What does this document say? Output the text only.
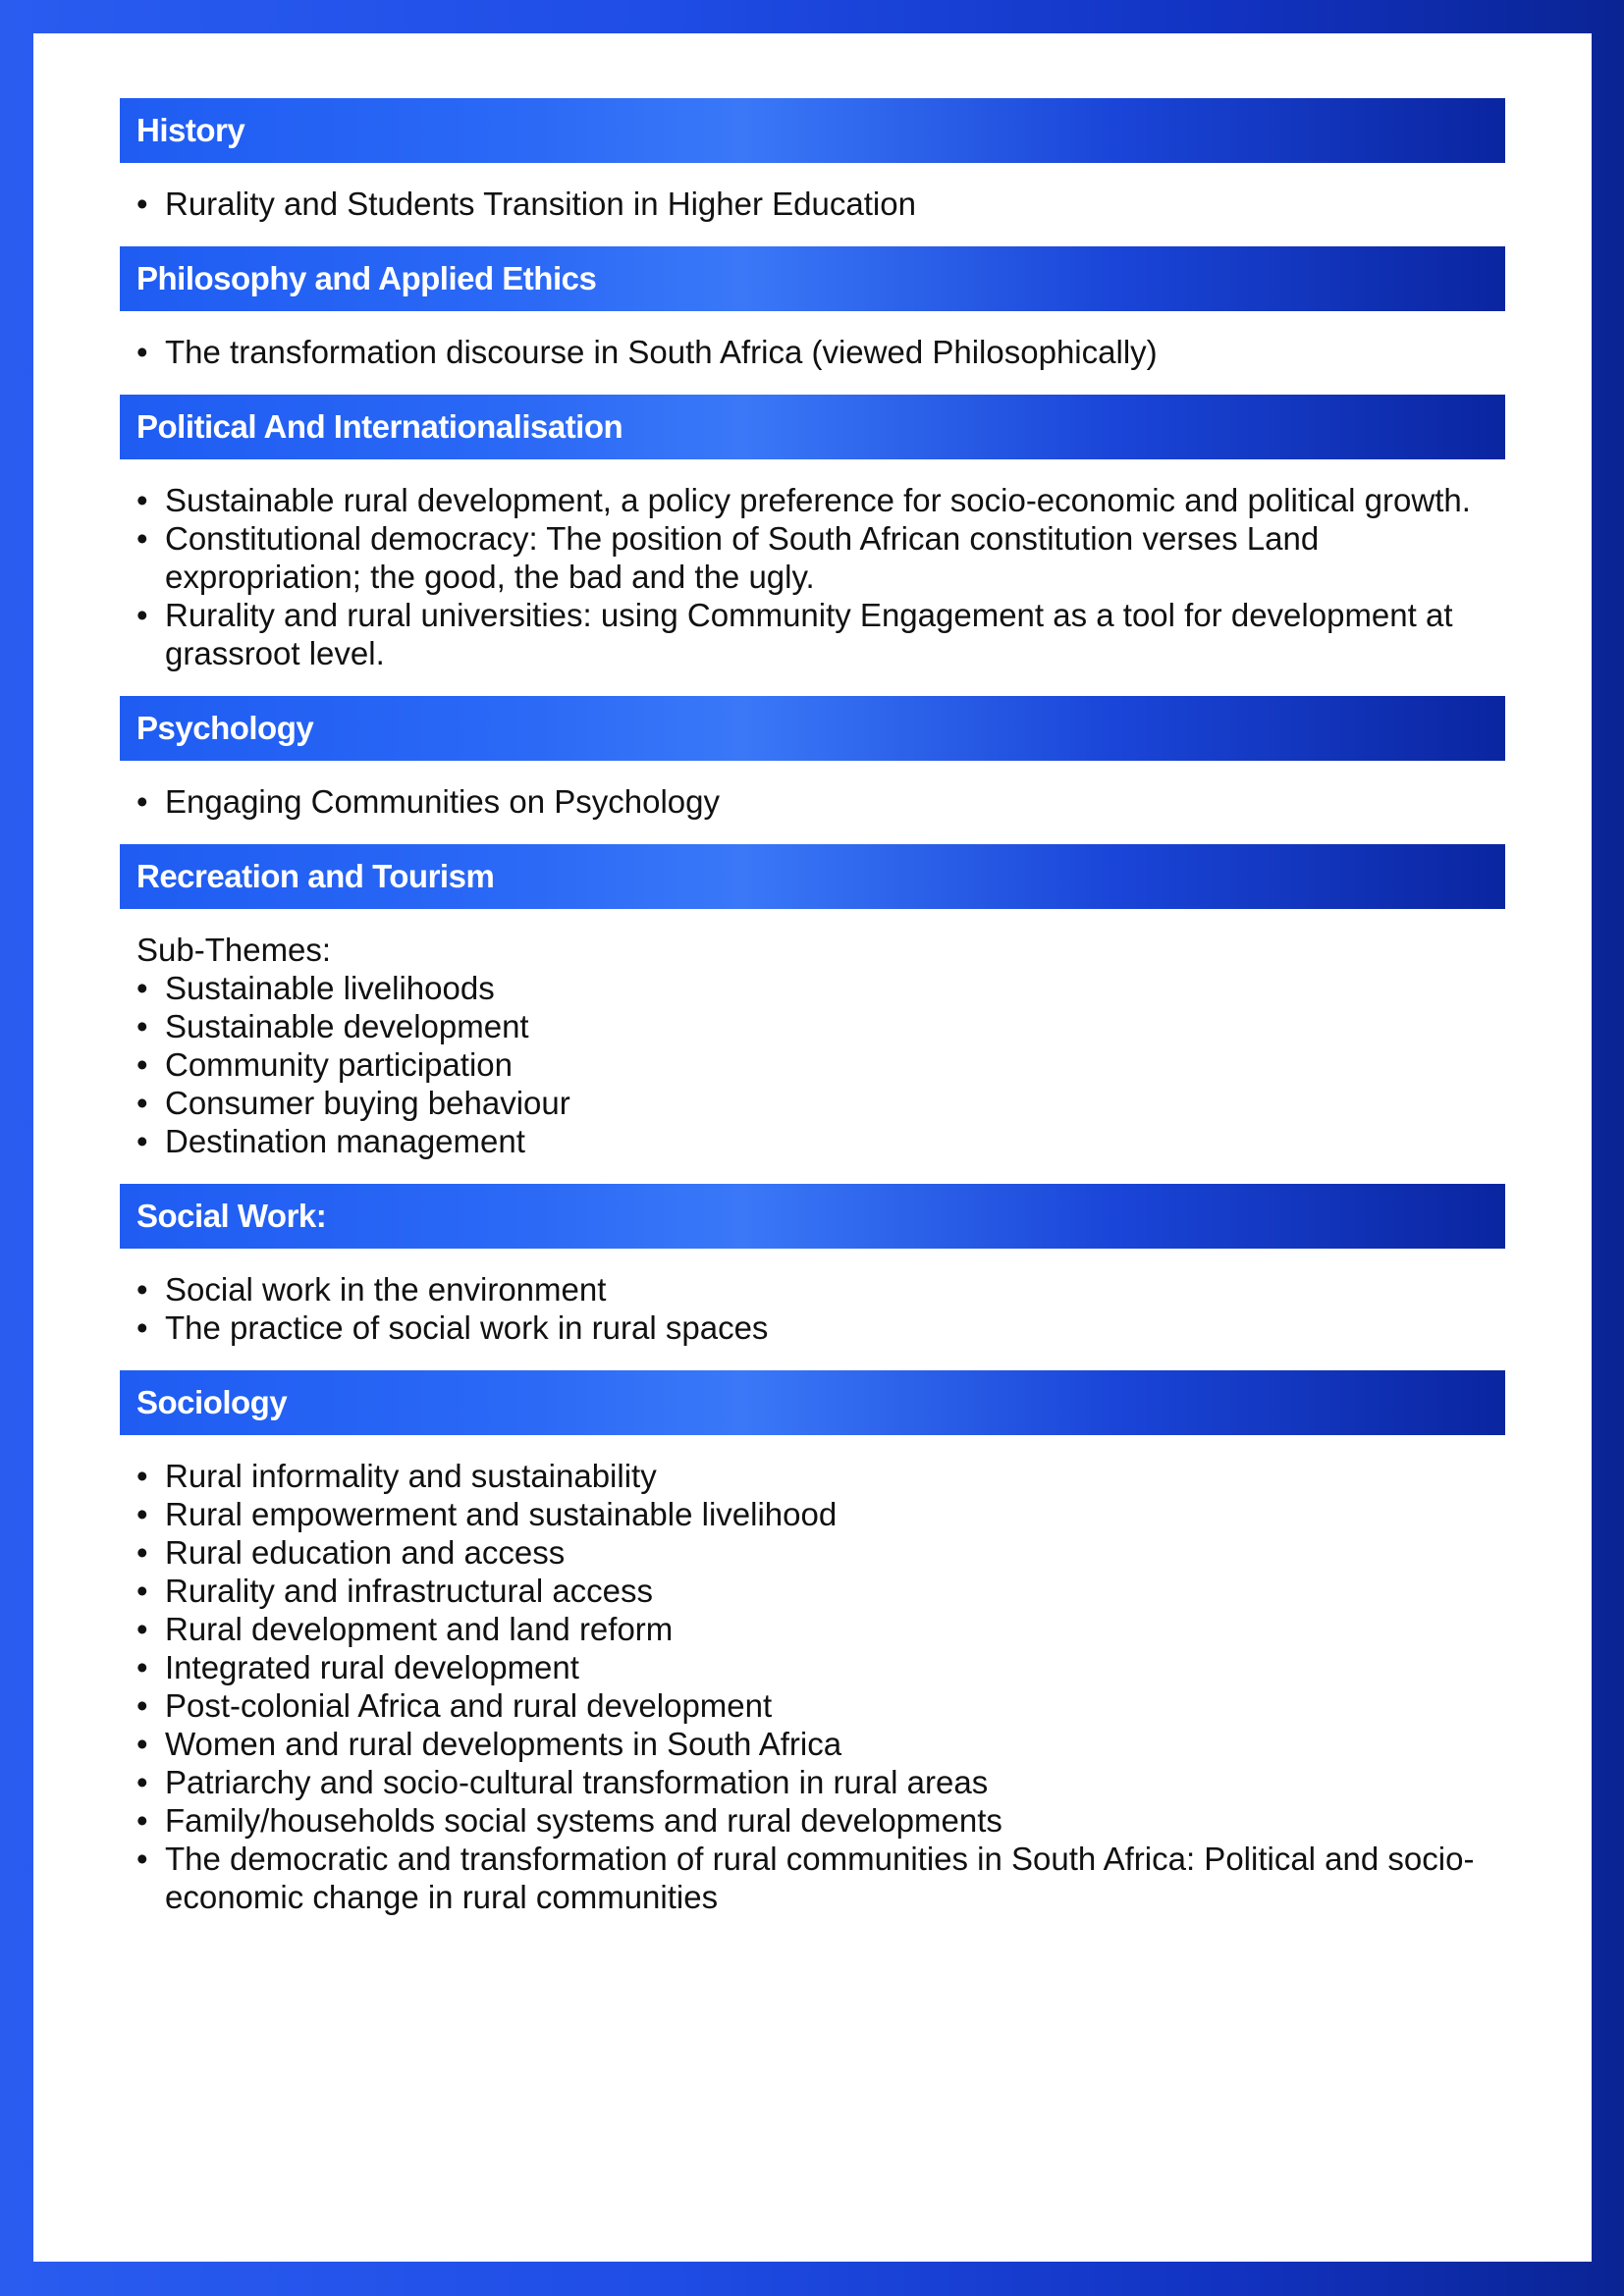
History
• Rurality and Students Transition in Higher Education
Philosophy and Applied Ethics
• The transformation discourse in South Africa (viewed Philosophically)
Political And Internationalisation
• Sustainable rural development, a policy preference for socio-economic and political growth.
• Constitutional democracy: The position of South African constitution verses Land expropriation; the good, the bad and the ugly.
• Rurality and rural universities: using Community Engagement as a tool for development at grassroot level.
Psychology
• Engaging Communities on Psychology
Recreation and Tourism
Sub-Themes:
• Sustainable livelihoods
• Sustainable development
• Community participation
• Consumer buying behaviour
• Destination management
Social Work:
• Social work in the environment
• The practice of social work in rural spaces
Sociology
• Rural informality and sustainability
• Rural empowerment and sustainable livelihood
• Rural education and access
• Rurality and infrastructural access
• Rural development and land reform
• Integrated rural development
• Post-colonial Africa and rural development
• Women and rural developments in South Africa
• Patriarchy and socio-cultural transformation in rural areas
• Family/households social systems and rural developments
• The democratic and transformation of rural communities in South Africa: Political and socio-economic change in rural communities
